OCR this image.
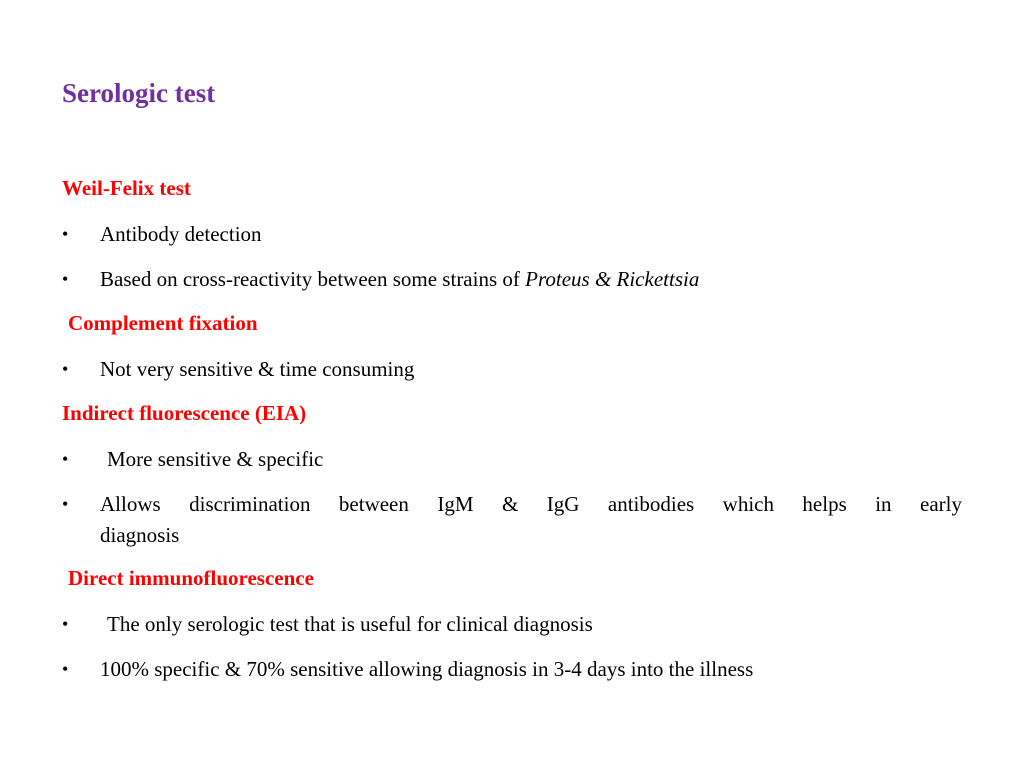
Serologic test
Weil-Felix test
• Antibody detection
• Based on cross-reactivity between some strains of Proteus & Rickettsia
Complement fixation
• Not very sensitive & time consuming
Indirect fluorescence (EIA)
• More sensitive & specific
• Allows discrimination between IgM & IgG antibodies which helps in early
diagnosis
Direct immunofluorescence
• The only serologic test that is useful for clinical diagnosis
• 100% specific & 70% sensitive allowing diagnosis in 3-4 days into the illness
